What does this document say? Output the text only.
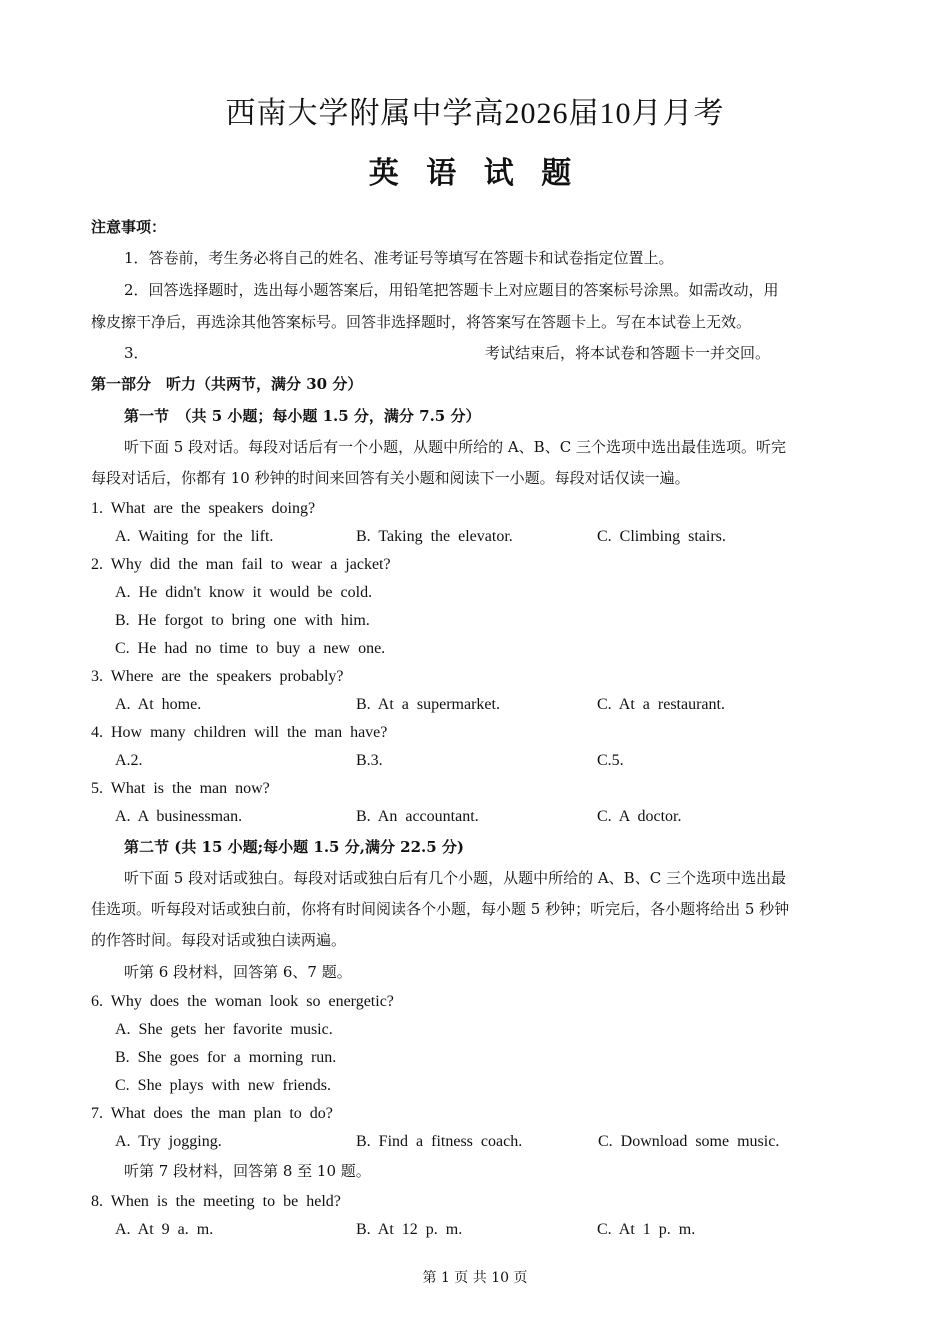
西南大学附属中学高2026届10月月考
英 语 试 题
注意事项：
1．答卷前，考生务必将自己的姓名、准考证号等填写在答题卡和试卷指定位置上。
2．回答选择题时，选出每小题答案后，用铅笔把答题卡上对应题目的答案标号涂黑。如需改动，用
橡皮擦干净后，再选涂其他答案标号。回答非选择题时，将答案写在答题卡上。写在本试卷上无效。
3．	考试结束后，将本试卷和答题卡一并交回。
第一部分　听力（共两节，满分 30 分）
第一节　（共 5 小题；每小题 1.5 分，满分 7.5 分）
听下面 5 段对话。每段对话后有一个小题，从题中所给的 A、B、C 三个选项中选出最佳选项。听完
每段对话后，你都有 10 秒钟的时间来回答有关小题和阅读下一小题。每段对话仅读一遍。
1. What are the speakers doing?
A. Waiting for the lift.	B. Taking the elevator.	C. Climbing stairs.
2. Why did the man fail to wear a jacket?
A. He didn't know it would be cold.
B. He forgot to bring one with him.
C. He had no time to buy a new one.
3. Where are the speakers probably?
A. At home.	B. At a supermarket.	C. At a restaurant.
4. How many children will the man have?
A.2.	B.3.	C.5.
5. What is the man now?
A. A businessman.	B. An accountant.	C. A doctor.
第二节 (共 15 小题;每小题 1.5 分,满分 22.5 分)
听下面 5 段对话或独白。每段对话或独白后有几个小题，从题中所给的 A、B、C 三个选项中选出最
佳选项。听每段对话或独白前，你将有时间阅读各个小题，每小题 5 秒钟；听完后，各小题将给出 5 秒钟
的作答时间。每段对话或独白读两遍。
听第 6 段材料，回答第 6、7 题。
6. Why does the woman look so energetic?
A. She gets her favorite music.
B. She goes for a morning run.
C. She plays with new friends.
7. What does the man plan to do?
A. Try jogging.	B. Find a fitness coach.	C. Download some music.
听第 7 段材料，回答第 8 至 10 题。
8. When is the meeting to be held?
A. At 9 a. m.	B. At 12 p. m.	C. At 1 p. m.
第 1 页 共 10 页
